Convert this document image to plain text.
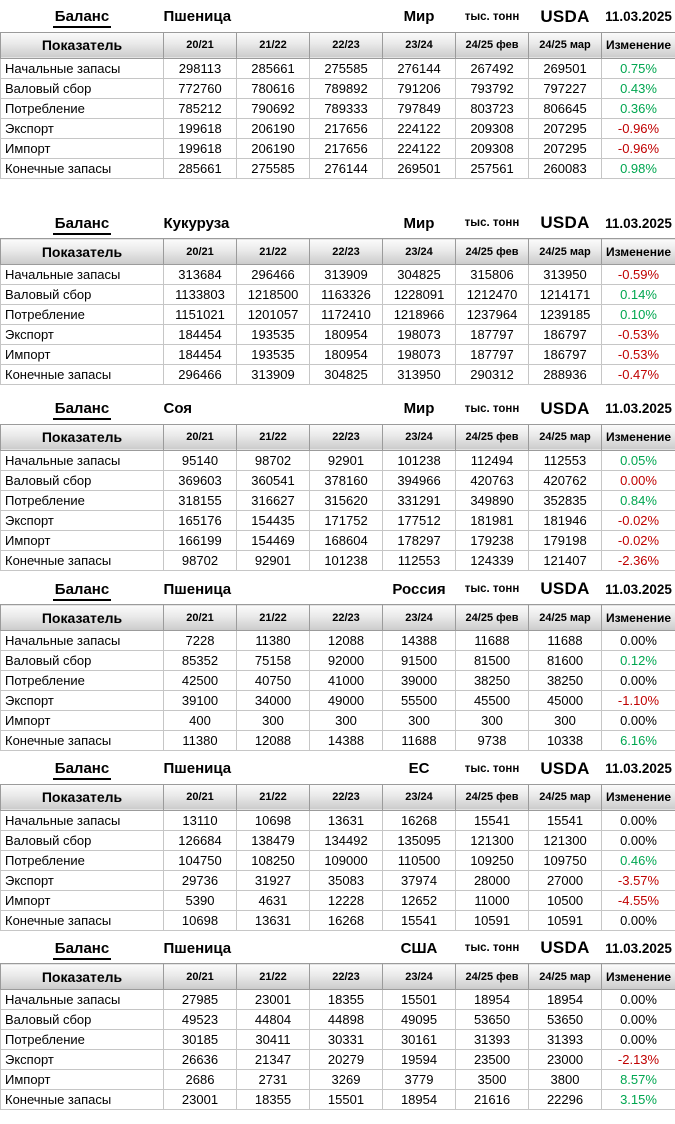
Баланс	Пшеница			Мир	тыс. тонн	USDA	11.03.2025
Показатель	20/21	21/22	22/23	23/24	24/25 фев	24/25 мар	Изменение
Начальные запасы	298113	285661	275585	276144	267492	269501	0.75%
Валовый сбор	772760	780616	789892	791206	793792	797227	0.43%
Потребление	785212	790692	789333	797849	803723	806645	0.36%
Экспорт	199618	206190	217656	224122	209308	207295	-0.96%
Импорт	199618	206190	217656	224122	209308	207295	-0.96%
Конечные запасы	285661	275585	276144	269501	257561	260083	0.98%
Баланс	Кукуруза			Мир	тыс. тонн	USDA	11.03.2025
Показатель	20/21	21/22	22/23	23/24	24/25 фев	24/25 мар	Изменение
Начальные запасы	313684	296466	313909	304825	315806	313950	-0.59%
Валовый сбор	1133803	1218500	1163326	1228091	1212470	1214171	0.14%
Потребление	1151021	1201057	1172410	1218966	1237964	1239185	0.10%
Экспорт	184454	193535	180954	198073	187797	186797	-0.53%
Импорт	184454	193535	180954	198073	187797	186797	-0.53%
Конечные запасы	296466	313909	304825	313950	290312	288936	-0.47%
Баланс	Соя			Мир	тыс. тонн	USDA	11.03.2025
Показатель	20/21	21/22	22/23	23/24	24/25 фев	24/25 мар	Изменение
Начальные запасы	95140	98702	92901	101238	112494	112553	0.05%
Валовый сбор	369603	360541	378160	394966	420763	420762	0.00%
Потребление	318155	316627	315620	331291	349890	352835	0.84%
Экспорт	165176	154435	171752	177512	181981	181946	-0.02%
Импорт	166199	154469	168604	178297	179238	179198	-0.02%
Конечные запасы	98702	92901	101238	112553	124339	121407	-2.36%
Баланс	Пшеница			Россия	тыс. тонн	USDA	11.03.2025
Показатель	20/21	21/22	22/23	23/24	24/25 фев	24/25 мар	Изменение
Начальные запасы	7228	11380	12088	14388	11688	11688	0.00%
Валовый сбор	85352	75158	92000	91500	81500	81600	0.12%
Потребление	42500	40750	41000	39000	38250	38250	0.00%
Экспорт	39100	34000	49000	55500	45500	45000	-1.10%
Импорт	400	300	300	300	300	300	0.00%
Конечные запасы	11380	12088	14388	11688	9738	10338	6.16%
Баланс	Пшеница			ЕС	тыс. тонн	USDA	11.03.2025
Показатель	20/21	21/22	22/23	23/24	24/25 фев	24/25 мар	Изменение
Начальные запасы	13110	10698	13631	16268	15541	15541	0.00%
Валовый сбор	126684	138479	134492	135095	121300	121300	0.00%
Потребление	104750	108250	109000	110500	109250	109750	0.46%
Экспорт	29736	31927	35083	37974	28000	27000	-3.57%
Импорт	5390	4631	12228	12652	11000	10500	-4.55%
Конечные запасы	10698	13631	16268	15541	10591	10591	0.00%
Баланс	Пшеница			США	тыс. тонн	USDA	11.03.2025
Показатель	20/21	21/22	22/23	23/24	24/25 фев	24/25 мар	Изменение
Начальные запасы	27985	23001	18355	15501	18954	18954	0.00%
Валовый сбор	49523	44804	44898	49095	53650	53650	0.00%
Потребление	30185	30411	30331	30161	31393	31393	0.00%
Экспорт	26636	21347	20279	19594	23500	23000	-2.13%
Импорт	2686	2731	3269	3779	3500	3800	8.57%
Конечные запасы	23001	18355	15501	18954	21616	22296	3.15%
